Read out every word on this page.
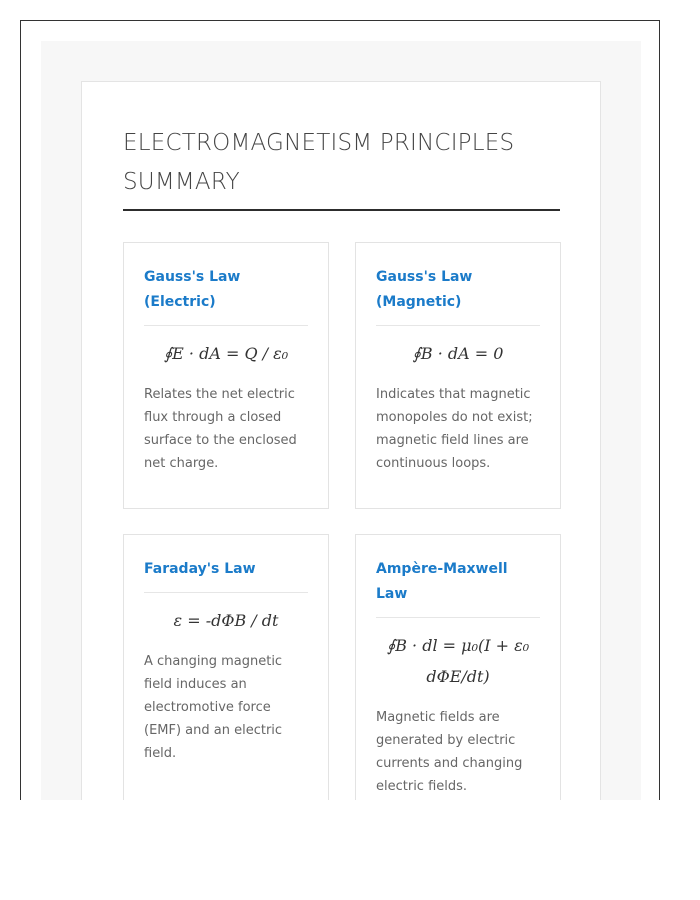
ELECTROMAGNETISM PRINCIPLES SUMMARY
Gauss's Law (Electric)
∮E · dA = Q / ε₀

Relates the net electric flux through a closed surface to the enclosed net charge.

Gauss's Law (Magnetic)
∮B · dA = 0

Indicates that magnetic monopoles do not exist; magnetic field lines are continuous loops.

Faraday's Law
ε = -dΦB / dt

A changing magnetic field induces an electromotive force (EMF) and an electric field.

Ampère-Maxwell Law
∮B · dl = μ₀(I + ε₀ dΦE/dt)

Magnetic fields are generated by electric currents and changing electric fields.
